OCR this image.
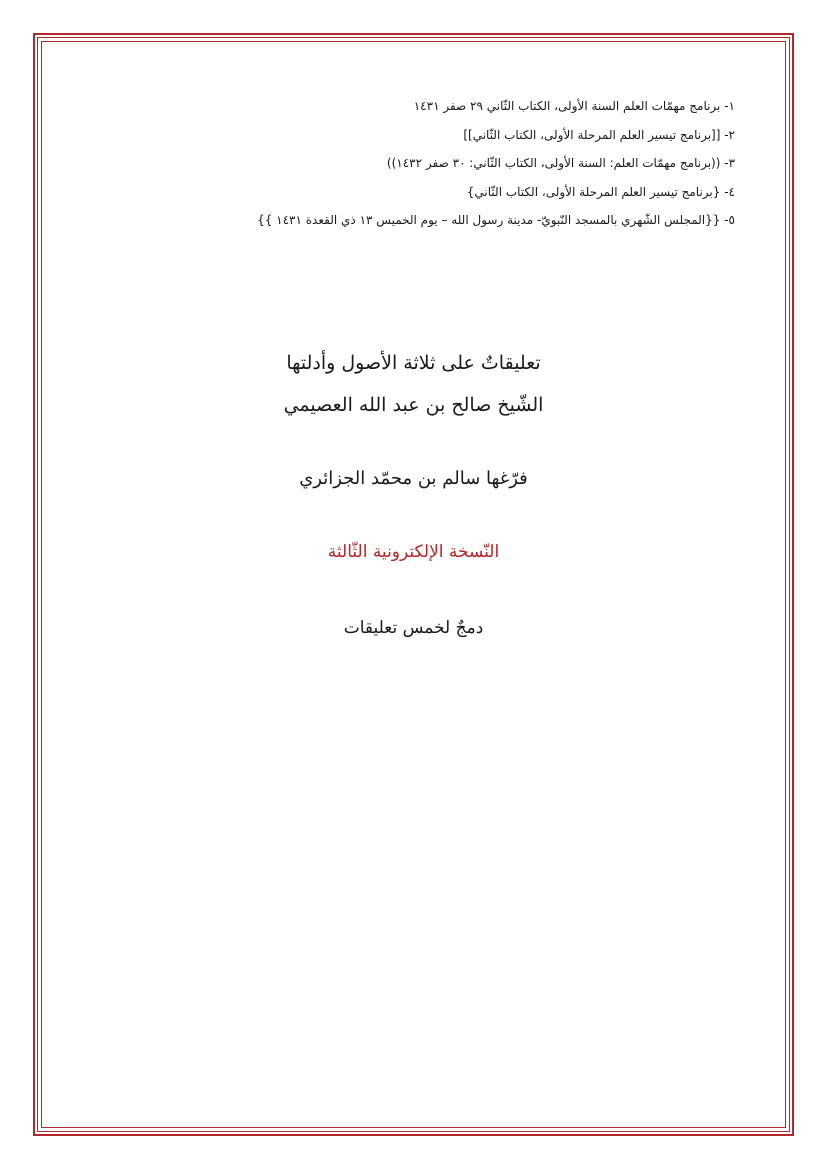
١- برنامج مهمّات العلم السنة الأولى، الكتاب الثّاني ٢٩ صفر ١٤٣١
٢- [[برنامج تيسير العلم المرحلة الأولى، الكتاب الثّاني]]
٣- ((برنامج مهمّات العلم: السنة الأولى، الكتاب الثّاني: ٣٠ صفر ١٤٣٢))
٤- {برنامج تيسير العلم المرحلة الأولى، الكتاب الثّاني}
٥- {{المجلس الشّهري بالمسجد النّبويّ- مدينة رسول الله – يوم الخميس ١٣ ذي القعدة ١٤٣١ }}
تعليقاتٌ على ثلاثة الأصول وأدلتها
الشّيخ صالح بن عبد الله العصيمي
فرّغها سالم بن محمّد الجزائري
النّسخة الإلكترونية الثّالثة
دمجٌ لخمس تعليقات
